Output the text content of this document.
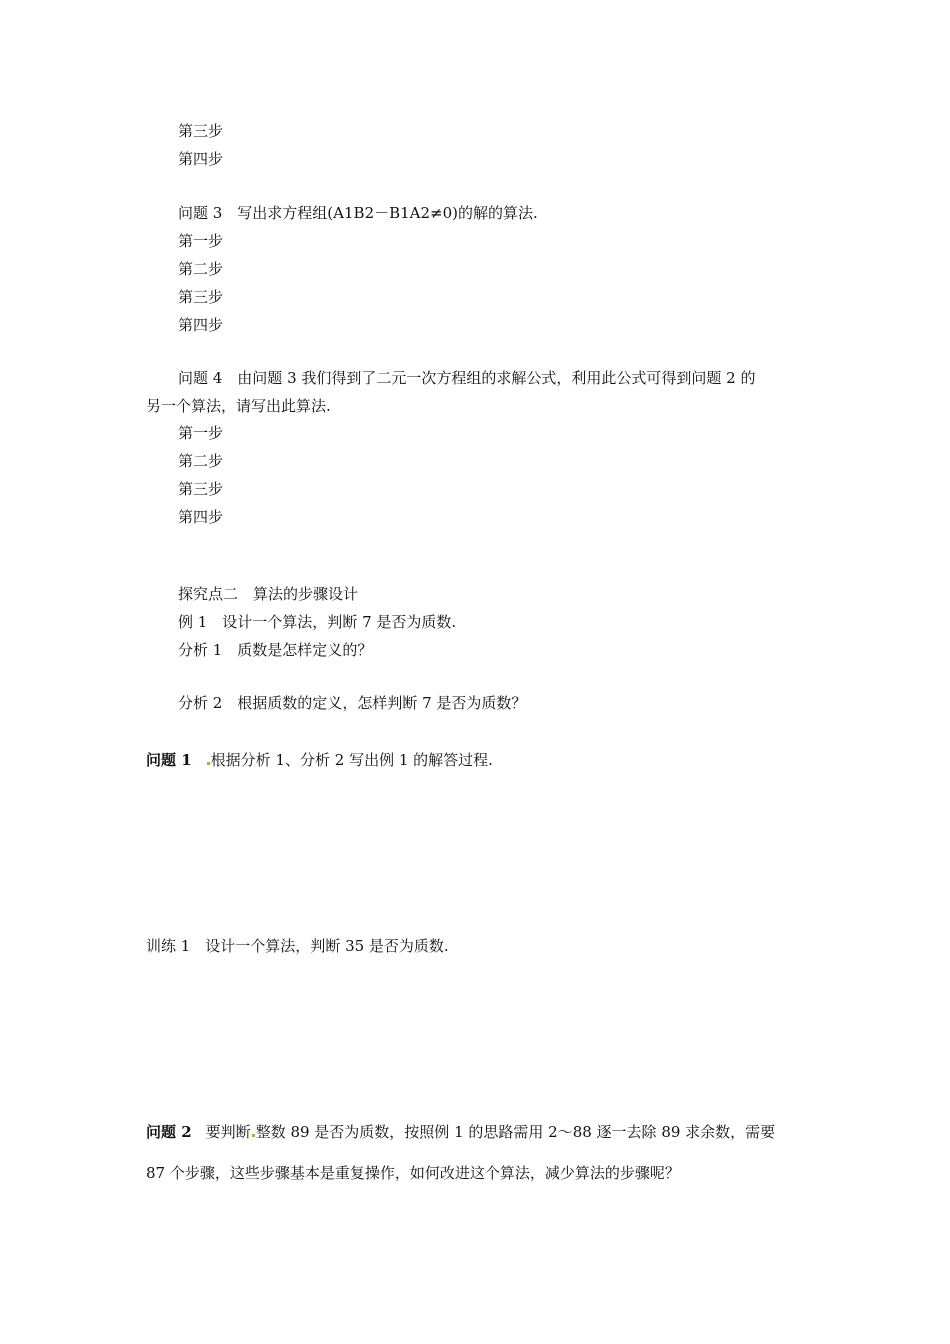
第三步
第四步
问题 3　写出求方程组(A1B2－B1A2≠0)的解的算法.
第一步
第二步
第三步
第四步
问题 4　由问题 3 我们得到了二元一次方程组的求解公式，利用此公式可得到问题 2 的
另一个算法，请写出此算法.
第一步
第二步
第三步
第四步
探究点二　算法的步骤设计
例 1　设计一个算法，判断 7 是否为质数.
分析 1　质数是怎样定义的？
分析 2　根据质数的定义，怎样判断 7 是否为质数？
问题 1 根据分析 1、分析 2 写出例 1 的解答过程.
训练 1　设计一个算法，判断 35 是否为质数.
问题 2 要判断 整数 89 是否为质数，按照例 1 的思路需用 2～88 逐一去除 89 求余数，需要
87 个步骤，这些步骤基本是重复操作，如何改进这个算法，减少算法的步骤呢？
